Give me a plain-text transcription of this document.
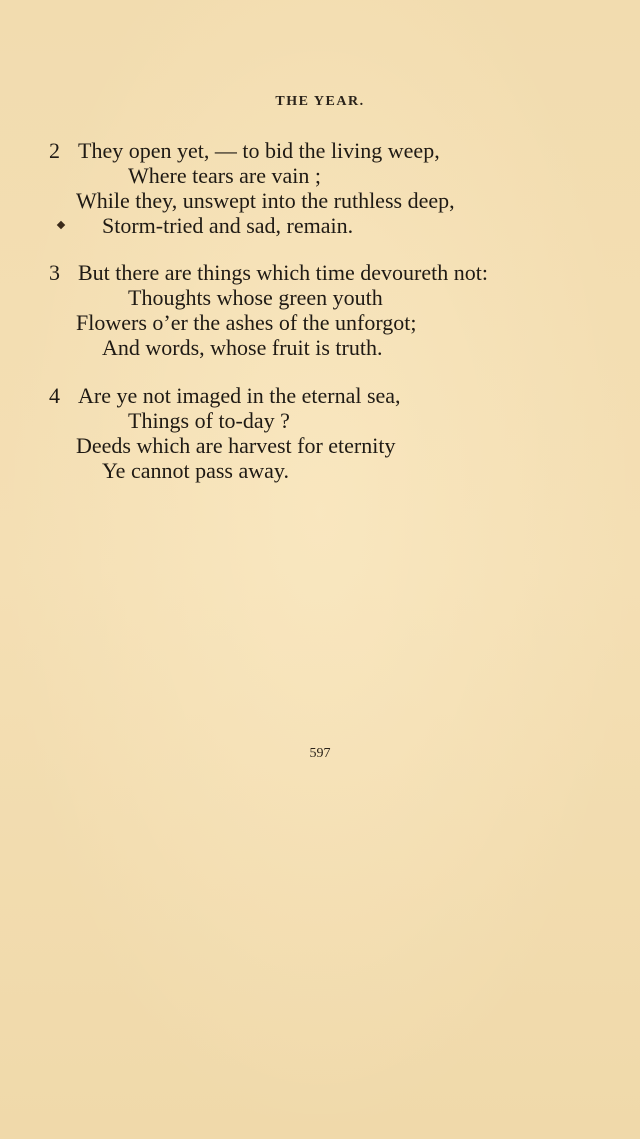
THE YEAR.
2 They open yet, — to bid the living weep,
Where tears are vain ;
While they, unswept into the ruthless deep,
Storm-tried and sad, remain.
3 But there are things which time devoureth not:
Thoughts whose green youth
Flowers o’er the ashes of the unforgot;
And words, whose fruit is truth.
4 Are ye not imaged in the eternal sea,
Things of to-day ?
Deeds which are harvest for eternity
Ye cannot pass away.
597
